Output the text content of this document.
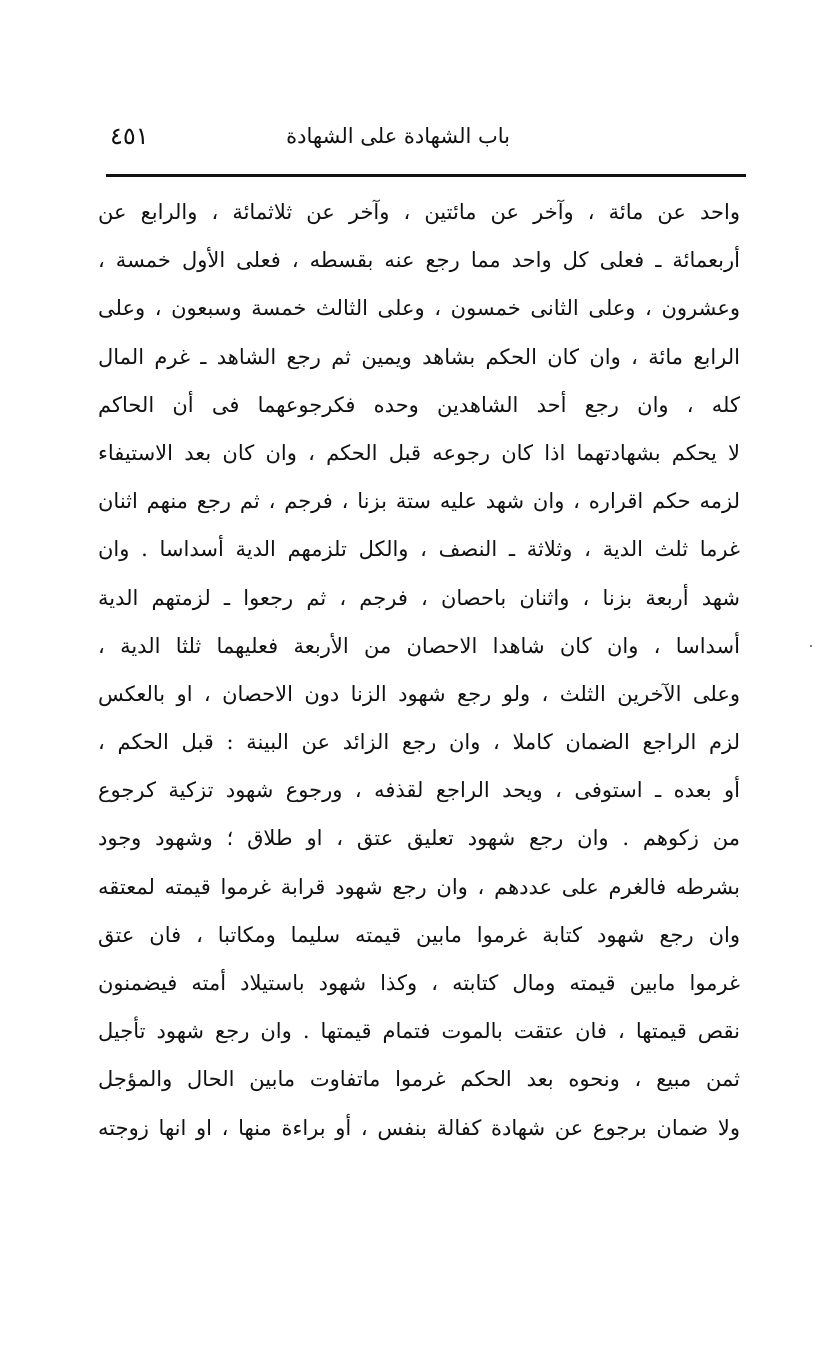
باب الشهادة على الشهادة
٤٥١
واحد عن مائة ، وآخر عن مائتين ، وآخر عن ثلاثمائة ، والرابع عن
أربعمائة ـ فعلى كل واحد مما رجع عنه بقسطه ، فعلى الأول خمسة ،
وعشرون ، وعلى الثانى خمسون ، وعلى الثالث خمسة وسبعون ، وعلى
الرابع مائة ، وان كان الحكم بشاهد ويمين ثم رجع الشاهد ـ غرم المال
كله ، وان رجع أحد الشاهدين وحده فكرجوعهما فى أن الحاكم
لا يحكم بشهادتهما اذا كان رجوعه قبل الحكم ، وان كان بعد الاستيفاء
لزمه حكم اقراره ، وان شهد عليه ستة بزنا ، فرجم ، ثم رجع منهم اثنان
غرما ثلث الدية ، وثلاثة ـ النصف ، والكل تلزمهم الدية أسداسا . وان
شهد أربعة بزنا ، واثنان باحصان ، فرجم ، ثم رجعوا ـ لزمتهم الدية
أسداسا ، وان كان شاهدا الاحصان من الأربعة فعليهما ثلثا الدية ،
وعلى الآخرين الثلث ، ولو رجع شهود الزنا دون الاحصان ، او بالعكس
لزم الراجع الضمان كاملا ، وان رجع الزائد عن البينة : قبل الحكم ،
أو بعده ـ استوفى ، ويحد الراجع لقذفه ، ورجوع شهود تزكية كرجوع
من زكوهم . وان رجع شهود تعليق عتق ، او طلاق ؛ وشهود وجود
بشرطه فالغرم على عددهم ، وان رجع شهود قرابة غرموا قيمته لمعتقه
وان رجع شهود كتابة غرموا مابين قيمته سليما ومكاتبا ، فان عتق
غرموا مابين قيمته ومال كتابته ، وكذا شهود باستيلاد أمته فيضمنون
نقص قيمتها ، فان عتقت بالموت فتمام قيمتها . وان رجع شهود تأجيل
ثمن مبيع ، ونحوه بعد الحكم غرموا ماتفاوت مابين الحال والمؤجل
ولا ضمان برجوع عن شهادة كفالة بنفس ، أو براءة منها ، او انها زوجته
